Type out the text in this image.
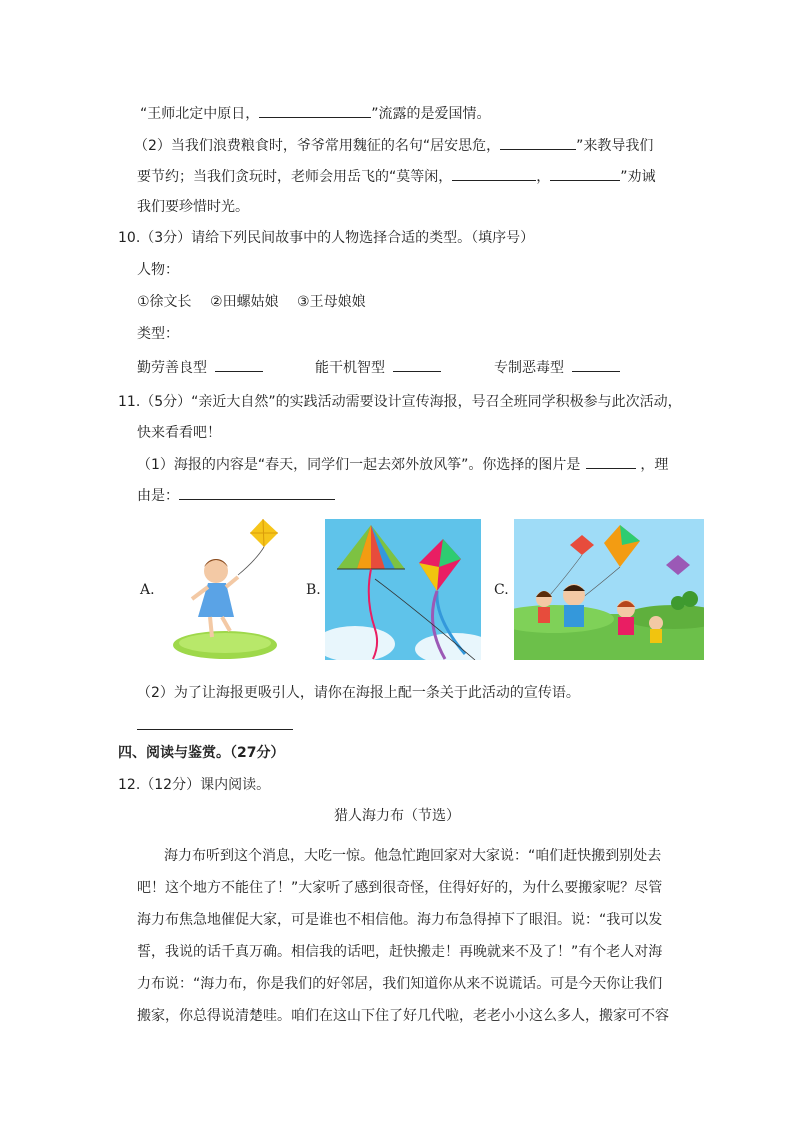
“王师北定中原日，	”流露的是爱国情。
（2）当我们浪费粮食时，爷爷常用魏征的名句“居安思危，	”来教导我们
要节约；当我们贪玩时，老师会用岳飞的“莫等闲，	，	”劝诫
我们要珍惜时光。
10.（3分）请给下列民间故事中的人物选择合适的类型。（填序号）
人物：
①徐文长 ②田螺姑娘 ③王母娘娘
类型：
勤劳善良型	能干机智型	专制恶毒型
11.（5分）“亲近大自然”的实践活动需要设计宣传海报，号召全班同学积极参与此次活动，
快来看看吧！
（1）海报的内容是“春天，同学们一起去郊外放风筝”。你选择的图片是	，理
由是：
A.	B.	C.
（2）为了让海报更吸引人，请你在海报上配一条关于此活动的宣传语。
四、阅读与鉴赏。（27分）
12.（12分）课内阅读。
猎人海力布（节选）
海力布听到这个消息，大吃一惊。他急忙跑回家对大家说：“咱们赶快搬到别处去
吧！这个地方不能住了！”大家听了感到很奇怪，住得好好的，为什么要搬家呢？尽管
海力布焦急地催促大家，可是谁也不相信他。海力布急得掉下了眼泪。说：“我可以发
誓，我说的话千真万确。相信我的话吧，赶快搬走！再晚就来不及了！”有个老人对海
力布说：“海力布，你是我们的好邻居，我们知道你从来不说谎话。可是今天你让我们
搬家，你总得说清楚哇。咱们在这山下住了好几代啦，老老小小这么多人，搬家可不容
